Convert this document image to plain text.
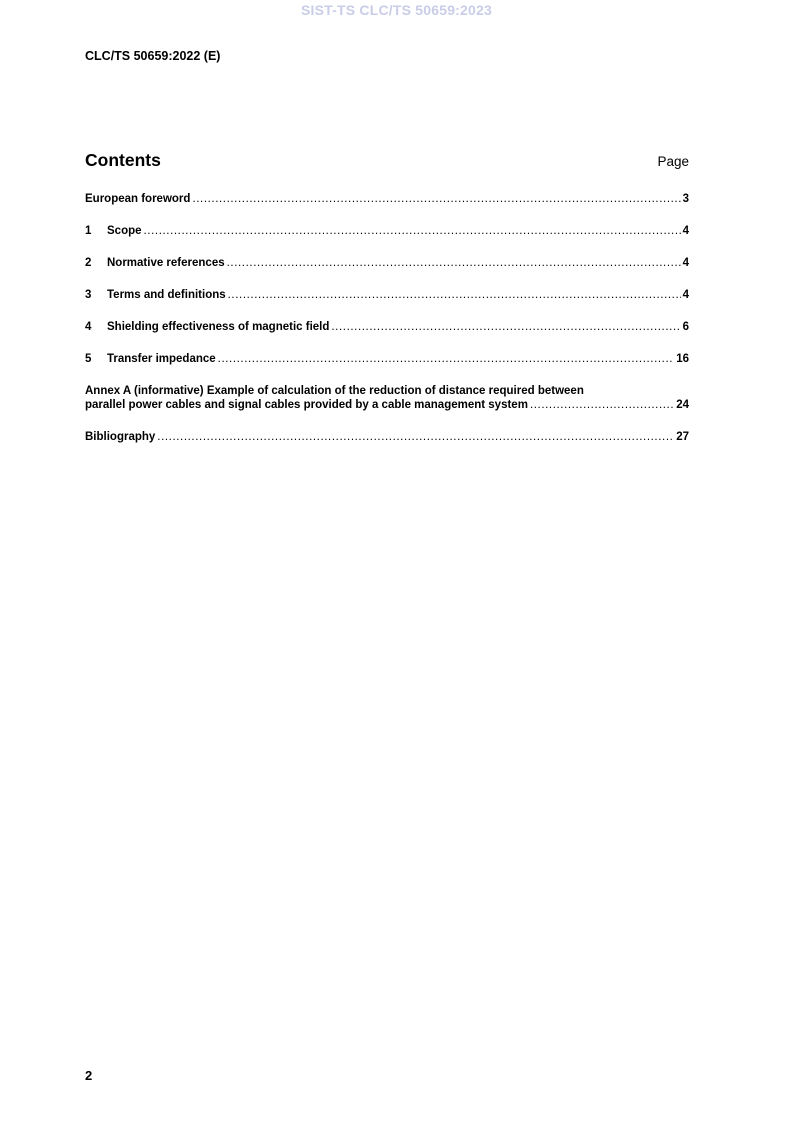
SIST-TS CLC/TS 50659:2023
CLC/TS 50659:2022 (E)
Contents	Page
European foreword .....	3
1	Scope .....	4
2	Normative references .....	4
3	Terms and definitions .....	4
4	Shielding effectiveness of magnetic field .....	6
5	Transfer impedance .....	16
Annex A (informative) Example of calculation of the reduction of distance required between
parallel power cables and signal cables provided by a cable management system .....	24
Bibliography .....	27
2
